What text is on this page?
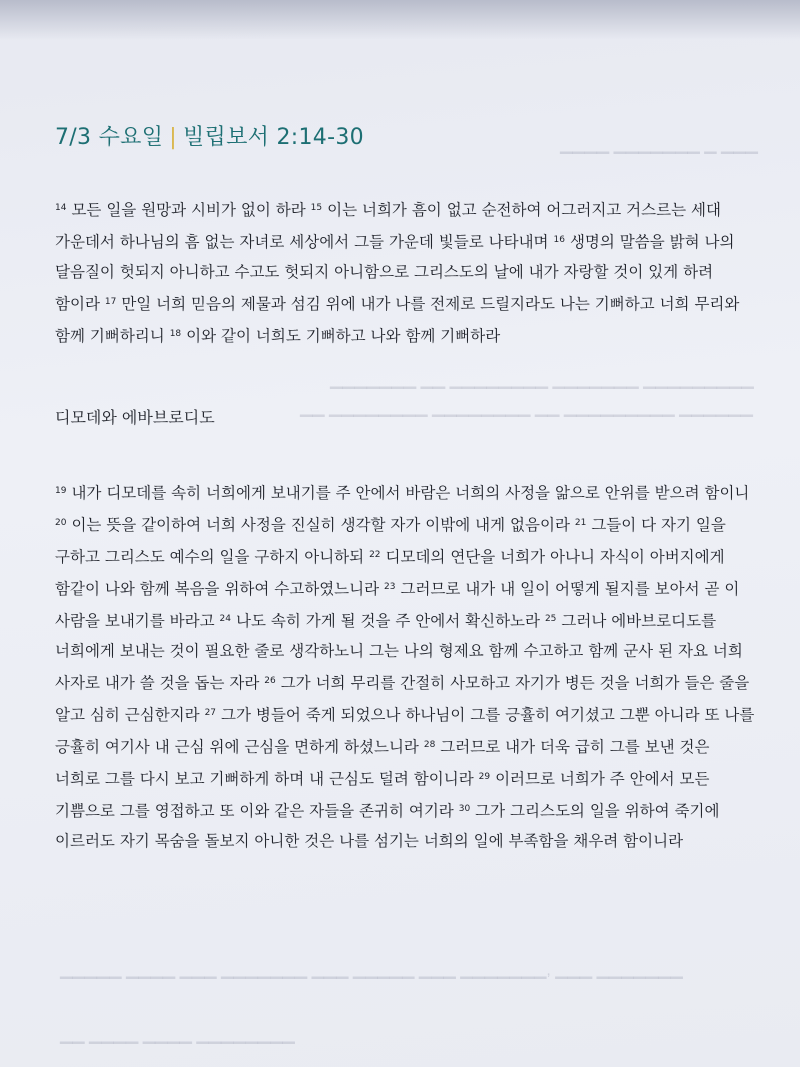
▁▁▁▁ ▁▁▁▁▁▁▁ ▁ ▁▁▁
▁▁▁▁▁▁▁ ▁▁ ▁▁▁▁▁▁▁▁ ▁▁▁▁▁▁▁ ▁▁▁▁▁▁▁▁▁
▁▁ ▁▁▁▁▁▁▁▁ ▁▁▁▁▁▁▁▁ ▁▁ ▁▁▁▁▁▁▁▁▁ ▁▁▁▁▁▁
▁▁▁▁▁ ▁▁▁▁ ▁▁▁ ▁▁▁▁▁▁▁ ▁▁▁ ▁▁▁▁▁ ▁▁▁ ▁▁▁▁▁▁▁, ▁▁▁ ▁▁▁▁▁▁▁
▁▁ ▁▁▁▁ ▁▁▁▁ ▁▁▁▁▁▁▁▁
7/3 수요일 | 빌립보서 2:14-30
$^{14}$ 모든 일을 원망과 시비가 없이 하라 $^{15}$ 이는 너희가 흠이 없고 순전하여 어그러지고 거스르는 세대 가운데서 하나님의 흠 없는 자녀로 세상에서 그들 가운데 빛들로 나타내며 $^{16}$ 생명의 말씀을 밝혀 나의 달음질이 헛되지 아니하고 수고도 헛되지 아니함으로 그리스도의 날에 내가 자랑할 것이 있게 하려 함이라 $^{17}$ 만일 너희 믿음의 제물과 섬김 위에 내가 나를 전제로 드릴지라도 나는 기뻐하고 너희 무리와 함께 기뻐하리니 $^{18}$ 이와 같이 너희도 기뻐하고 나와 함께 기뻐하라
디모데와 에바브로디도
$^{19}$ 내가 디모데를 속히 너희에게 보내기를 주 안에서 바람은 너희의 사정을 앎으로 안위를 받으려 함이니 $^{20}$ 이는 뜻을 같이하여 너희 사정을 진실히 생각할 자가 이밖에 내게 없음이라 $^{21}$ 그들이 다 자기 일을 구하고 그리스도 예수의 일을 구하지 아니하되 $^{22}$ 디모데의 연단을 너희가 아나니 자식이 아버지에게 함같이 나와 함께 복음을 위하여 수고하였느니라 $^{23}$ 그러므로 내가 내 일이 어떻게 될지를 보아서 곧 이 사람을 보내기를 바라고 $^{24}$ 나도 속히 가게 될 것을 주 안에서 확신하노라 $^{25}$ 그러나 에바브로디도를 너희에게 보내는 것이 필요한 줄로 생각하노니 그는 나의 형제요 함께 수고하고 함께 군사 된 자요 너희 사자로 내가 쓸 것을 돕는 자라 $^{26}$ 그가 너희 무리를 간절히 사모하고 자기가 병든 것을 너희가 들은 줄을 알고 심히 근심한지라 $^{27}$ 그가 병들어 죽게 되었으나 하나님이 그를 긍휼히 여기셨고 그뿐 아니라 또 나를 긍휼히 여기사 내 근심 위에 근심을 면하게 하셨느니라 $^{28}$ 그러므로 내가 더욱 급히 그를 보낸 것은 너희로 그를 다시 보고 기뻐하게 하며 내 근심도 덜려 함이니라 $^{29}$ 이러므로 너희가 주 안에서 모든 기쁨으로 그를 영접하고 또 이와 같은 자들을 존귀히 여기라 $^{30}$ 그가 그리스도의 일을 위하여 죽기에 이르러도 자기 목숨을 돌보지 아니한 것은 나를 섬기는 너희의 일에 부족함을 채우려 함이니라
